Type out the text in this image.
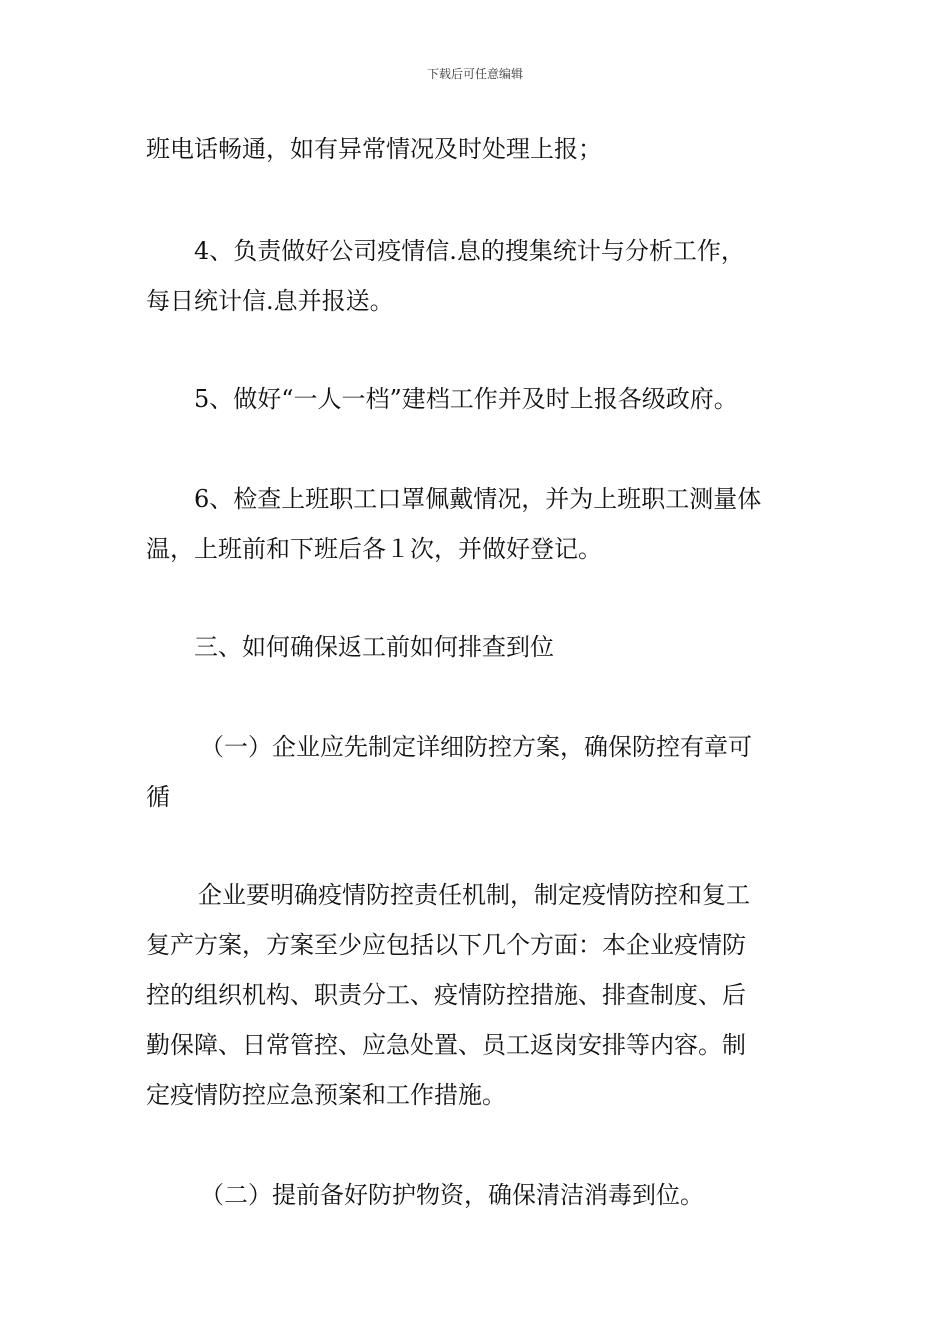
下载后可任意编辑
班电话畅通，如有异常情况及时处理上报；
4、负责做好公司疫情信.息的搜集统计与分析工作，
每日统计信.息并报送。
5、做好“一人一档”建档工作并及时上报各级政府。
6、检查上班职工口罩佩戴情况，并为上班职工测量体
温，上班前和下班后各１次，并做好登记。
三、如何确保返工前如何排查到位
（一）企业应先制定详细防控方案，确保防控有章可
循
企业要明确疫情防控责任机制，制定疫情防控和复工
复产方案，方案至少应包括以下几个方面：本企业疫情防
控的组织机构、职责分工、疫情防控措施、排查制度、后
勤保障、日常管控、应急处置、员工返岗安排等内容。制
定疫情防控应急预案和工作措施。
（二）提前备好防护物资，确保清洁消毒到位。
